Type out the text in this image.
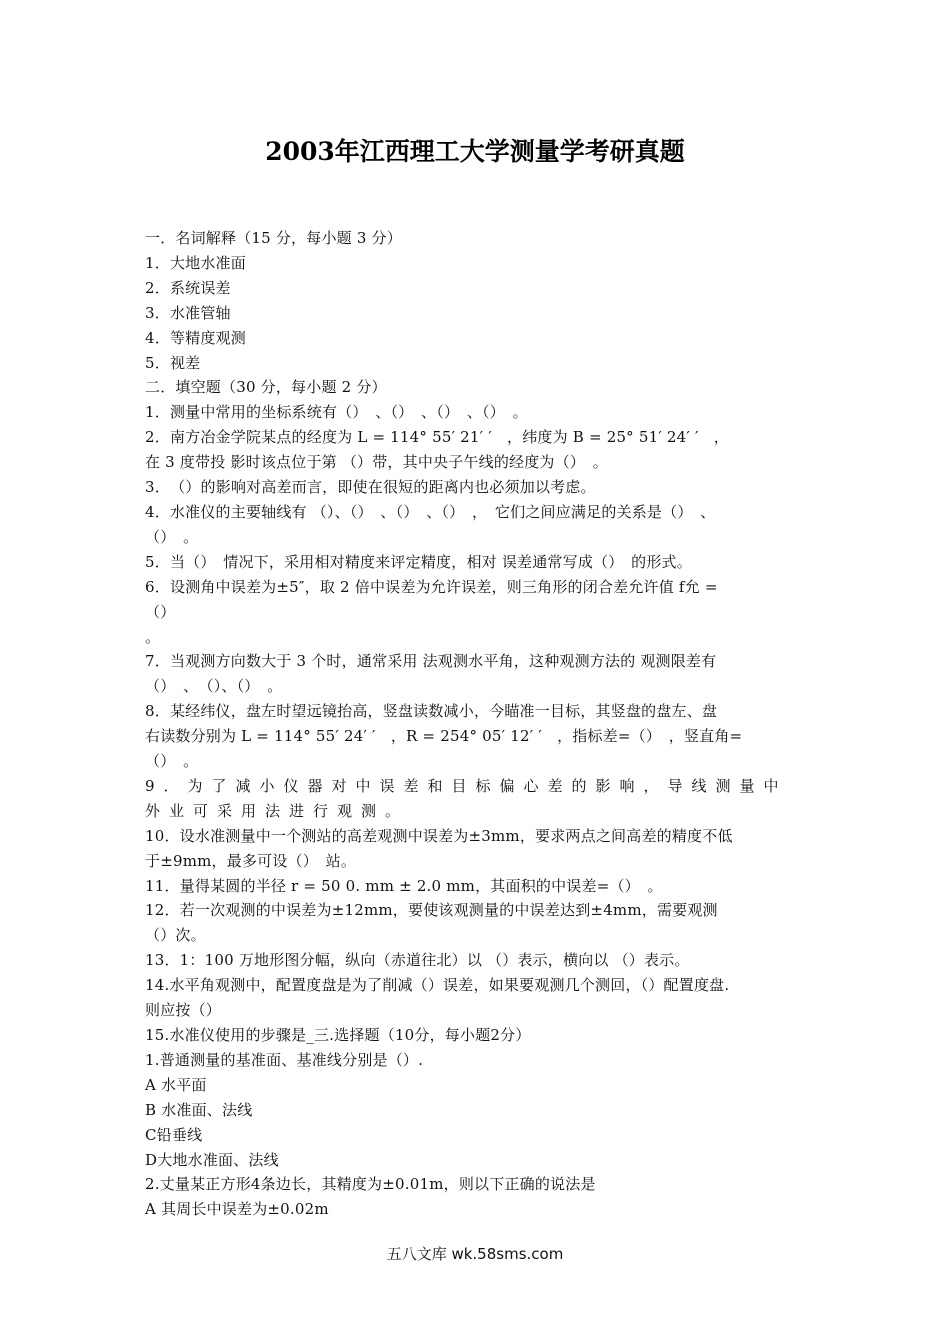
2003年江西理工大学测量学考研真题
一．名词解释（15 分，每小题 3 分）
1．大地水准面
2．系统误差
3．水准管轴
4．等精度观测
5．视差
二．填空题（30 分，每小题 2 分）
1．测量中常用的坐标系统有（）　、（）　、（）　、（）　。
2．南方冶金学院某点的经度为 L = 114° 55′ 21′ ′　，纬度为 B = 25° 51′ 24′ ′　，
在 3 度带投 影时该点位于第 （）带，其中央子午线的经度为（）　。
3．　（）的影响对高差而言，即使在很短的距离内也必须加以考虑。
4．水准仪的主要轴线有 （）、（）　、（）　、（）　，　它们之间应满足的关系是（）　、
（）　。
5．当（）　情况下，采用相对精度来评定精度，相对 误差通常写成（）　的形式。
6．设测角中误差为±5″，取 2 倍中误差为允许误差，则三角形的闭合差允许值 f允 =
（）
。
7．当观测方向数大于 3 个时，通常采用 法观测水平角，这种观测方法的 观测限差有
（）　、　（）、（）　。
8．某经纬仪，盘左时望远镜抬高，竖盘读数减小，今瞄准一目标，其竖盘的盘左、盘
右读数分别为 L = 114° 55′ 24′ ′　，R = 254° 05′ 12′ ′　，指标差=（）　，竖直角=
（）　。
9．为了减小仪器对中误差和目标偏心差的影响，导线测量中
外业可采用法进行观测。
10．设水准测量中一个测站的高差观测中误差为±3mm，要求两点之间高差的精度不低
于±9mm，最多可设（）　站。
11．量得某圆的半径 r = 50 0. mm ± 2.0 mm，其面积的中误差=（）　。
12．若一次观测的中误差为±12mm，要使该观测量的中误差达到±4mm，需要观测
（）次。
13．1：100 万地形图分幅，纵向（赤道往北）以 （）表示，横向以 （）表示。
14.水平角观测中，配置度盘是为了削减（）误差，如果要观测几个测回，（）配置度盘.
则应按（）
15.水准仪使用的步骤是_三.选择题（10分，每小题2分）
1.普通测量的基准面、基准线分别是（）.
A 水平面
B 水准面、法线
C铅垂线
D大地水准面、法线
2.丈量某正方形4条边长，其精度为±0.01m，则以下正确的说法是
A 其周长中误差为±0.02m
五八文库 wk.58sms.com
